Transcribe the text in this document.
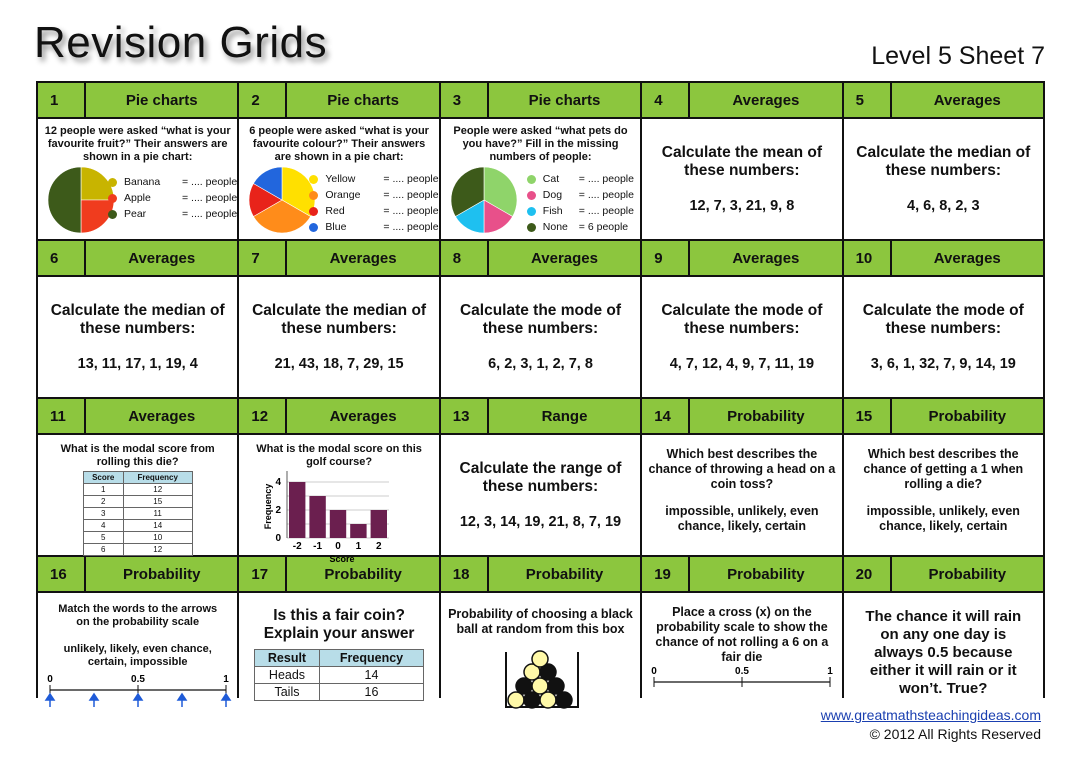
Revision Grids	Level 5 Sheet 7
1	Pie charts	2	Pie charts	3	Pie charts	4	Averages	5	Averages
12 people were asked “what is your favourite fruit?” Their answers are shown in a pie chart:
Banana	= .... people
Apple	= .... people
Pear	= .... people
6 people were asked “what is your favourite colour?” Their answers are shown in a pie chart:
Yellow	= .... people
Orange	= .... people
Red	= .... people
Blue	= .... people
People were asked “what pets do you have?” Fill in the missing numbers of people:
Cat	= .... people
Dog	= .... people
Fish	= .... people
None	= 6 people
Calculate the mean of these numbers:
12, 7, 3, 21, 9, 8
Calculate the median of these numbers:
4, 6, 8, 2, 3
6	Averages	7	Averages	8	Averages	9	Averages	10	Averages
Calculate the median of these numbers:
13, 11, 17, 1, 19, 4
Calculate the median of these numbers:
21, 43, 18, 7, 29, 15
Calculate the mode of these numbers:
6, 2, 3, 1, 2, 7, 8
Calculate the mode of these numbers:
4, 7, 12, 4, 9, 7, 11, 19
Calculate the mode of these numbers:
3, 6, 1, 32, 7, 9, 14, 19
11	Averages	12	Averages	13	Range	14	Probability	15	Probability
What is the modal score from rolling this die?
Score	Frequency
1	12
2	15
3	11
4	14
5	10
6	12
What is the modal score on this golf course?
-2 -1 0 1 2
4
2
0
Score
Frequency
Calculate the range of these numbers:
12, 3, 14, 19, 21, 8, 7, 19
Which best describes the chance of throwing a head on a coin toss?
impossible, unlikely, even chance, likely, certain
Which best describes the chance of getting a 1 when rolling a die?
impossible, unlikely, even chance, likely, certain
16	Probability	17	Probability	18	Probability	19	Probability	20	Probability
Match the words to the arrows on the probability scale
unlikely, likely, even chance, certain, impossible
0	0.5	1
Is this a fair coin? Explain your answer
Result	Frequency
Heads	14
Tails	16
Probability of choosing a black ball at random from this box
Place a cross (x) on the probability scale to show the chance of not rolling a 6 on a fair die
0	0.5	1
The chance it will rain on any one day is always 0.5 because either it will rain or it won’t. True?
www.greatmathsteachingideas.com
© 2012 All Rights Reserved
